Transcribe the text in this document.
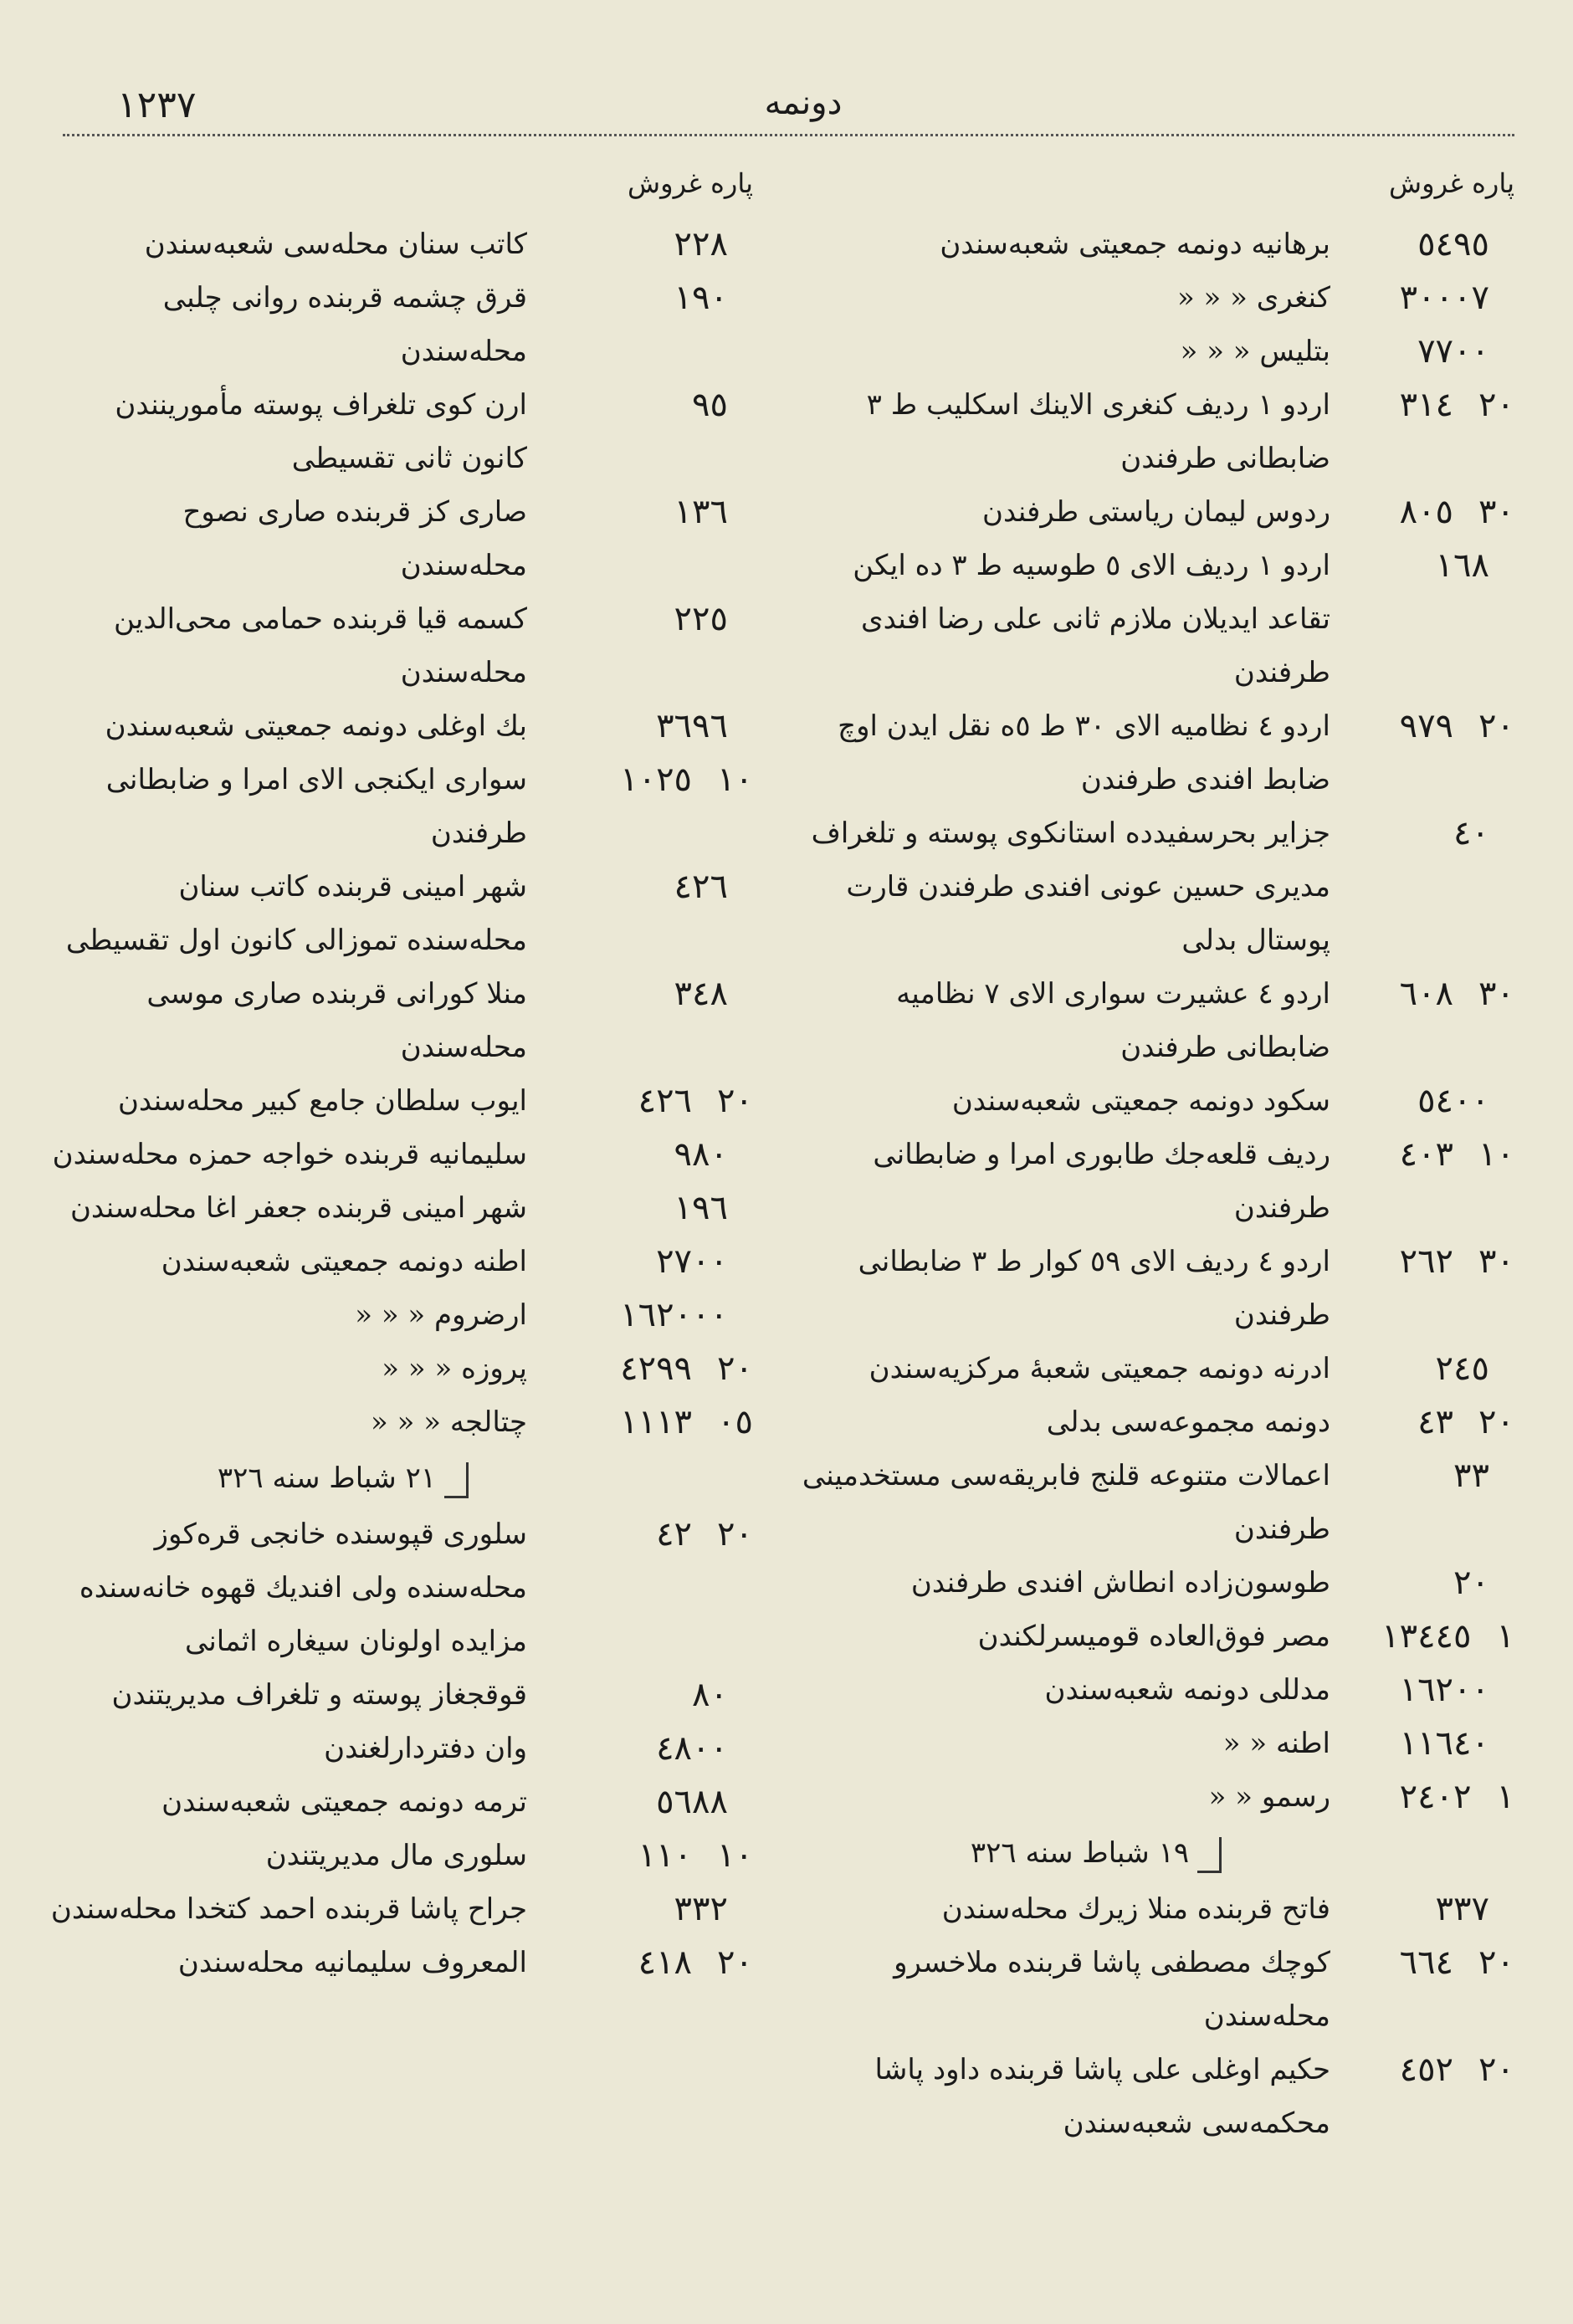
١٢٣٧	دونمه
پاره غروش
٥٤٩٥
برهانيه دونمه جمعيتى شعبه‌سندن
٣٠٠٠٧
كنغرى « « «
٧٧٠٠
بتليس « « «
٣١٤ ٢٠
اردو ١ رديف كنغرى الاينك اسكليب ط ٣ ضابطانى طرفندن
٨٠٥ ٣٠
ردوس ليمان رياستى طرفندن
١٦٨
اردو ١ رديف الاى ٥ طوسيه ط ٣ ده ايكن تقاعد ايديلان ملازم ثانى على رضا افندى طرفندن
٩٧٩ ٢٠
اردو ٤ نظاميه الاى ٣٠ ط ٥ه نقل ايدن اوچ ضابط افندى طرفندن
٤٠
جزاير بحرسفيدده استانكوى پوسته و تلغراف مديرى حسين عونى افندى طرفندن قارت پوستال بدلى
٦٠٨ ٣٠
اردو ٤ عشيرت سوارى الاى ٧ نظاميه ضابطانى طرفندن
٥٤٠٠
سكود دونمه جمعيتى شعبه‌سندن
٤٠٣ ١٠
رديف قلعه‌جك طابورى امرا و ضابطانى طرفندن
٢٦٢ ٣٠
اردو ٤ رديف الاى ٥٩ كوار ط ٣ ضابطانى طرفندن
٢٤٥
ادرنه دونمه جمعيتى شعبهٔ مركزيه‌سندن
٤٣ ٢٠
دونمه مجموعه‌سى بدلى
٣٣
اعمالات متنوعه قلنج فابريقه‌سى مستخدمينى طرفندن
٢٠
طوسون‌زاده انطاش افندى طرفندن
١٣٤٤٥ ١
مصر فوق‌العاده قوميسرلكندن
١٦٢٠٠
مدللى دونمه شعبه‌سندن
١١٦٤٠
اطنه « «
٢٤٠٢ ١
رسمو « «
١٩ شباط سنه ٣٢٦
٣٣٧
فاتح قربنده منلا زيرك محله‌سندن
٦٦٤ ٢٠
كوچك مصطفى پاشا قربنده ملاخسرو محله‌سندن
٤٥٢ ٢٠
حكيم اوغلى على پاشا قربنده داود پاشا محكمه‌سى شعبه‌سندن
پاره غروش
٢٢٨
كاتب سنان محله‌سى شعبه‌سندن
١٩٠
قرق چشمه قربنده روانى چلبى محله‌سندن
٩٥
ارن كوى تلغراف پوسته مأمورينندن كانون ثانى تقسيطى
١٣٦
صارى كز قربنده صارى نصوح محله‌سندن
٢٢٥
كسمه قيا قربنده حمامى محى‌الدين محله‌سندن
٣٦٩٦
بك اوغلى دونمه جمعيتى شعبه‌سندن
١٠٢٥ ١٠
سوارى ايكنجى الاى امرا و ضابطانى طرفندن
٤٢٦
شهر امينى قربنده كاتب سنان محله‌سنده تموزالى كانون اول تقسيطى
٣٤٨
منلا كورانى قربنده صارى موسى محله‌سندن
٤٢٦ ٢٠
ايوب سلطان جامع كبير محله‌سندن
٩٨٠
سليمانيه قربنده خواجه حمزه محله‌سندن
١٩٦
شهر امينى قربنده جعفر اغا محله‌سندن
٢٧٠٠
اطنه دونمه جمعيتى شعبه‌سندن
١٦٢٠٠٠
ارضروم « « «
٤٢٩٩ ٢٠
پروزه « « «
١١١٣ ٠٥
چتالجه « « «
٢١ شباط سنه ٣٢٦
٤٢ ٢٠
سلورى قپوسنده خانجى قره‌كوز محله‌سنده ولى افنديك قهوه خانه‌سنده مزايده اولونان سيغاره اثمانى
٨٠
قوقجغاز پوسته و تلغراف مديريتندن
٤٨٠٠
وان دفتردارلغندن
٥٦٨٨
ترمه دونمه جمعيتى شعبه‌سندن
١١٠ ١٠
سلورى مال مديريتندن
٣٣٢
جراح پاشا قربنده احمد كتخدا محله‌سندن
٤١٨ ٢٠
المعروف سليمانيه محله‌سندن
